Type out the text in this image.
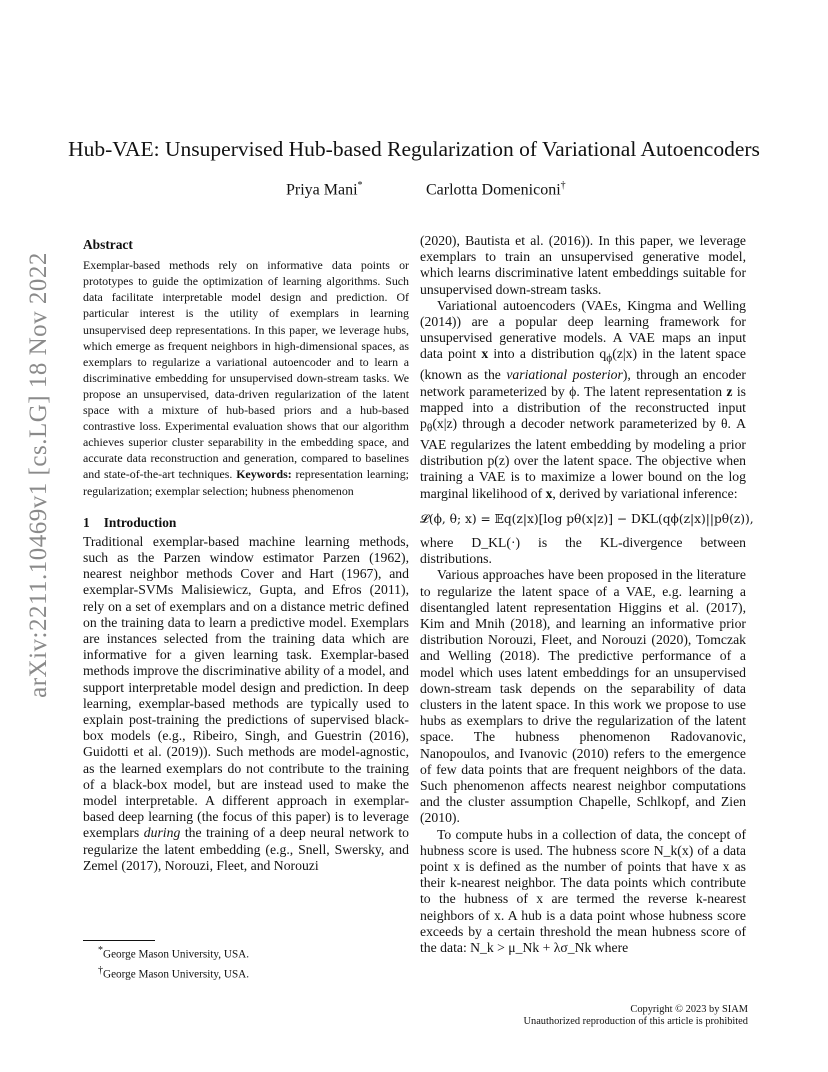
arXiv:2211.10469v1 [cs.LG] 18 Nov 2022
Hub-VAE: Unsupervised Hub-based Regularization of Variational Autoencoders
Priya Mani*	Carlotta Domeniconi†
Abstract

Exemplar-based methods rely on informative data points or prototypes to guide the optimization of learning algorithms. Such data facilitate interpretable model design and prediction. Of particular interest is the utility of exemplars in learning unsupervised deep representations. In this paper, we leverage hubs, which emerge as frequent neighbors in high-dimensional spaces, as exemplars to regularize a variational autoencoder and to learn a discriminative embedding for unsupervised down-stream tasks. We propose an unsupervised, data-driven regularization of the latent space with a mixture of hub-based priors and a hub-based contrastive loss. Experimental evaluation shows that our algorithm achieves superior cluster separability in the embedding space, and accurate data reconstruction and generation, compared to baselines and state-of-the-art techniques. Keywords: representation learning; regularization; exemplar selection; hubness phenomenon

1 Introduction

Traditional exemplar-based machine learning methods, such as the Parzen window estimator Parzen (1962), nearest neighbor methods Cover and Hart (1967), and exemplar-SVMs Malisiewicz, Gupta, and Efros (2011), rely on a set of exemplars and on a distance metric defined on the training data to learn a predictive model. Exemplars are instances selected from the training data which are informative for a given learning task. Exemplar-based methods improve the discriminative ability of a model, and support interpretable model design and prediction. In deep learning, exemplar-based methods are typically used to explain post-training the predictions of supervised black-box models (e.g., Ribeiro, Singh, and Guestrin (2016), Guidotti et al. (2019)). Such methods are model-agnostic, as the learned exemplars do not contribute to the training of a black-box model, but are instead used to make the model interpretable. A different approach in exemplar-based deep learning (the focus of this paper) is to leverage exemplars during the training of a deep neural network to regularize the latent embedding (e.g., Snell, Swersky, and Zemel (2017), Norouzi, Fleet, and Norouzi

(2020), Bautista et al. (2016)). In this paper, we leverage exemplars to train an unsupervised generative model, which learns discriminative latent embeddings suitable for unsupervised down-stream tasks.

Variational autoencoders (VAEs, Kingma and Welling (2014)) are a popular deep learning framework for unsupervised generative models. A VAE maps an input data point x into a distribution $q_\phi(z|x)$ in the latent space (known as the variational posterior), through an encoder network parameterized by ϕ. The latent representation z is mapped into a distribution of the reconstructed input $p_\theta(x|z)$ through a decoder network parameterized by θ. A VAE regularizes the latent embedding by modeling a prior distribution p(z) over the latent space. The objective when training a VAE is to maximize a lower bound on the log marginal likelihood of x, derived by variational inference:

𝓛(ϕ, θ; x) = 𝔼q(z|x)[log pθ(x|z)] − DKL(qϕ(z|x)||pθ(z)),

where D_KL(·) is the KL-divergence between distributions.

Various approaches have been proposed in the literature to regularize the latent space of a VAE, e.g. learning a disentangled latent representation Higgins et al. (2017), Kim and Mnih (2018), and learning an informative prior distribution Norouzi, Fleet, and Norouzi (2020), Tomczak and Welling (2018). The predictive performance of a model which uses latent embeddings for an unsupervised down-stream task depends on the separability of data clusters in the latent space. In this work we propose to use hubs as exemplars to drive the regularization of the latent space. The hubness phenomenon Radovanovic, Nanopoulos, and Ivanovic (2010) refers to the emergence of few data points that are frequent neighbors of the data. Such phenomenon affects nearest neighbor computations and the cluster assumption Chapelle, Schlkopf, and Zien (2010).

To compute hubs in a collection of data, the concept of hubness score is used. The hubness score N_k(x) of a data point x is defined as the number of points that have x as their k-nearest neighbor. The data points which contribute to the hubness of x are termed the reverse k-nearest neighbors of x. A hub is a data point whose hubness score exceeds by a certain threshold the mean hubness score of the data: N_k > μ_Nk + λσ_Nk where

*George Mason University, USA.
†George Mason University, USA.
Copyright © 2023 by SIAM
Unauthorized reproduction of this article is prohibited
